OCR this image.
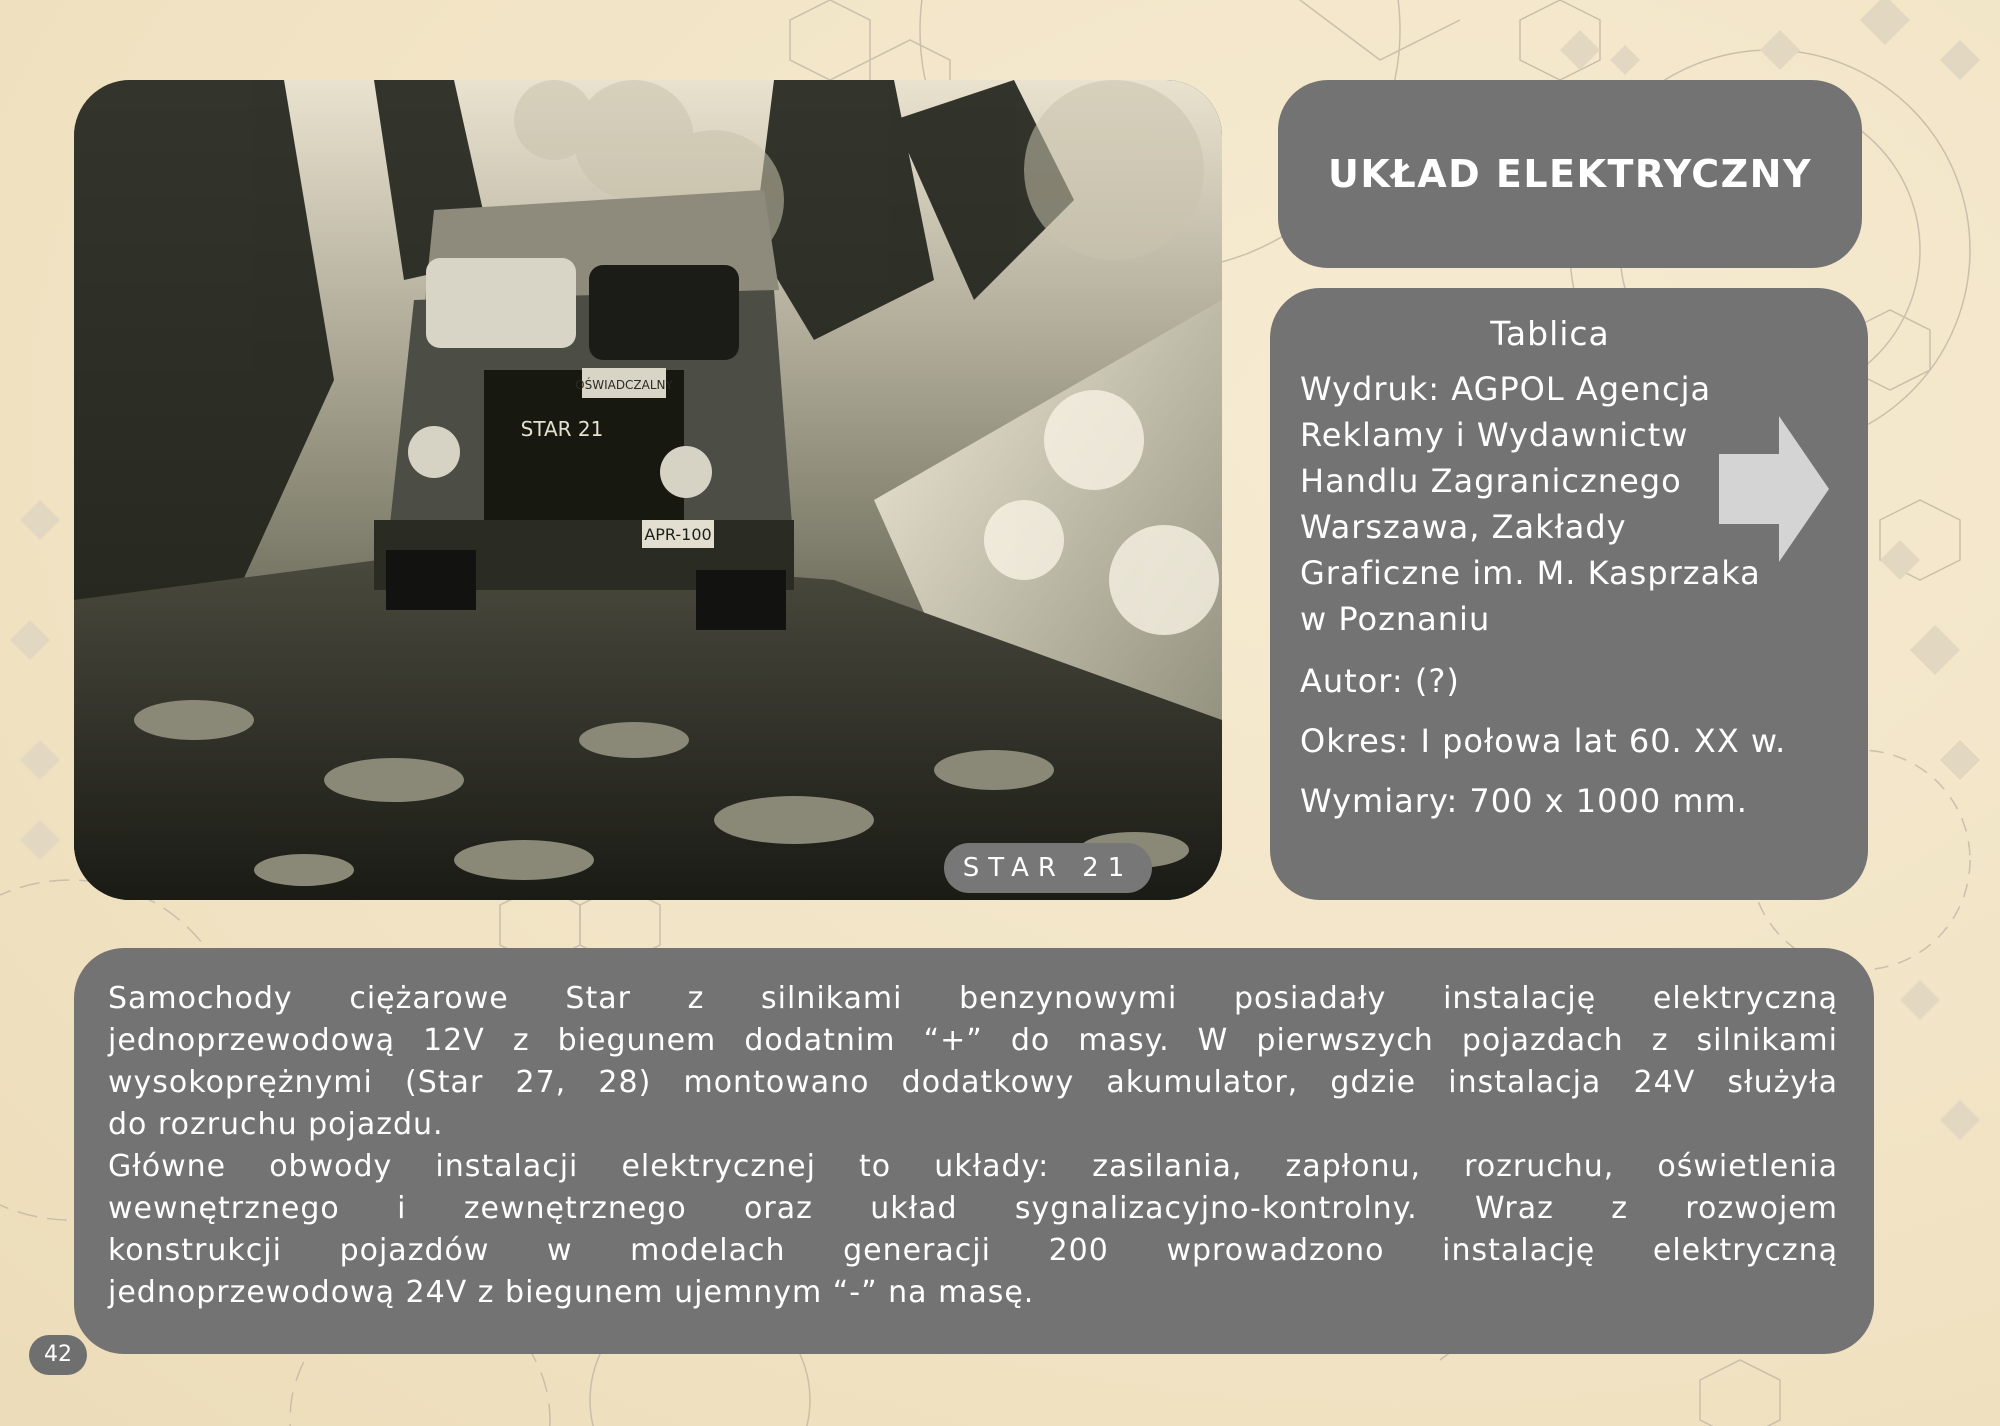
OŚWIADCZALNY
STAR 21
APR-100
STAR 21
UKŁAD ELEKTRYCZNY
Tablica
Wydruk: AGPOL Agencja
Reklamy i Wydawnictw
Handlu Zagranicznego
Warszawa, Zakłady
Graficzne im. M. Kasprzaka
w Poznaniu
Autor: (?)
Okres: I połowa lat 60. XX w.
Wymiary: 700 x 1000 mm.
Samochody ciężarowe Star z silnikami benzynowymi posiadały instalację elektryczną
jednoprzewodową 12V z biegunem dodatnim “+” do masy. W pierwszych pojazdach z silnikami
wysokoprężnymi (Star 27, 28) montowano dodatkowy akumulator, gdzie instalacja 24V służyła
do rozruchu pojazdu.
Główne obwody instalacji elektrycznej to układy: zasilania, zapłonu, rozruchu, oświetlenia
wewnętrznego i zewnętrznego oraz układ sygnalizacyjno-kontrolny. Wraz z rozwojem
konstrukcji pojazdów w modelach generacji 200 wprowadzono instalację elektryczną
jednoprzewodową 24V z biegunem ujemnym “-” na masę.
42
